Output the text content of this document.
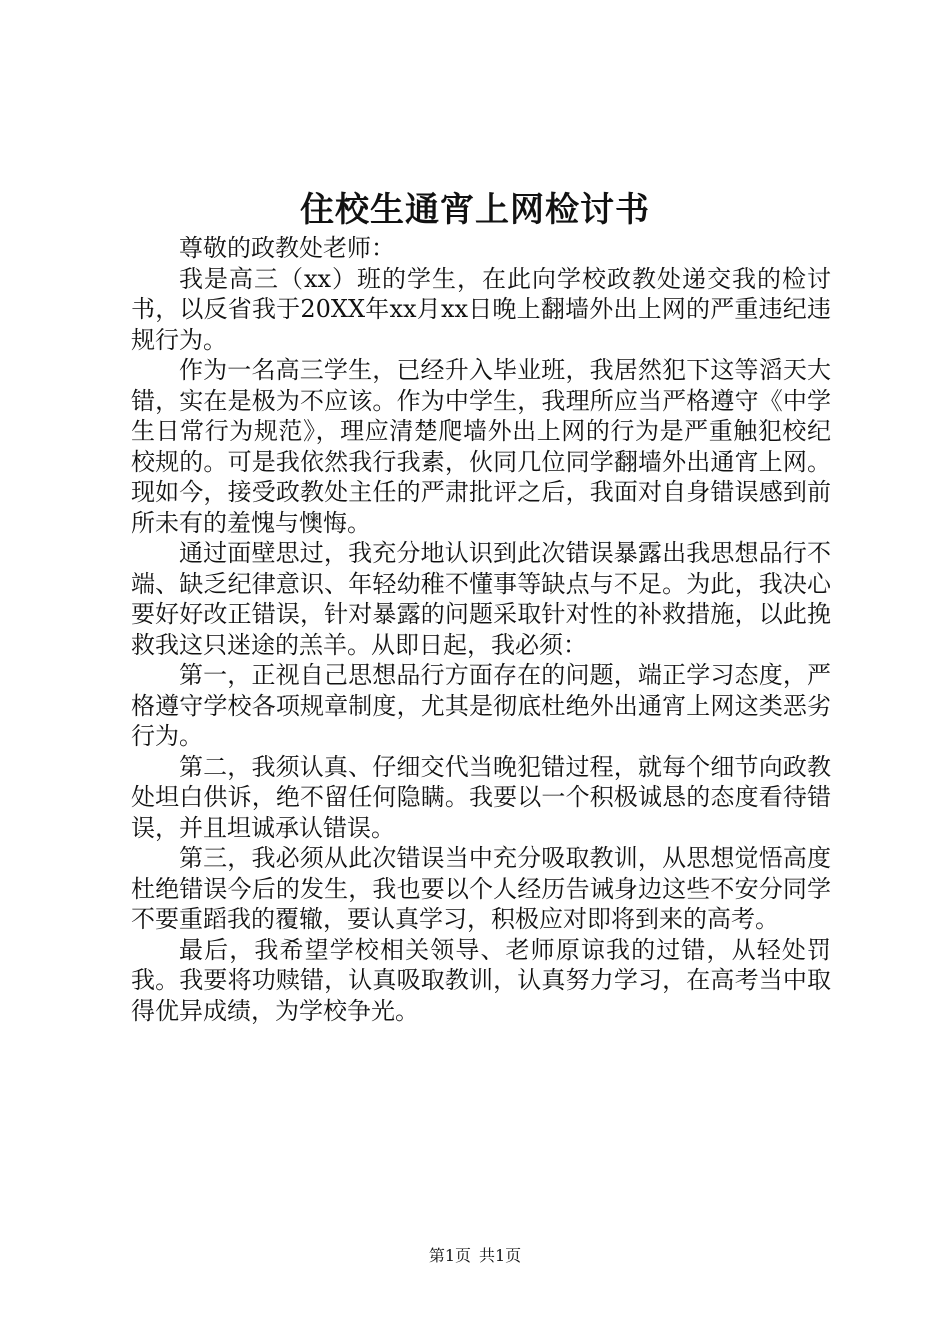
住校生通宵上网检讨书

尊敬的政教处老师：

我是高三（xx）班的学生，在此向学校政教处递交我的检讨书，以反省我于20XX年xx月xx日晚上翻墙外出上网的严重违纪违规行为。

作为一名高三学生，已经升入毕业班，我居然犯下这等滔天大错，实在是极为不应该。作为中学生，我理所应当严格遵守《中学生日常行为规范》，理应清楚爬墙外出上网的行为是严重触犯校纪校规的。可是我依然我行我素，伙同几位同学翻墙外出通宵上网。现如今，接受政教处主任的严肃批评之后，我面对自身错误感到前所未有的羞愧与懊悔。

通过面壁思过，我充分地认识到此次错误暴露出我思想品行不端、缺乏纪律意识、年轻幼稚不懂事等缺点与不足。为此，我决心要好好改正错误，针对暴露的问题采取针对性的补救措施，以此挽救我这只迷途的羔羊。从即日起，我必须：

第一，正视自己思想品行方面存在的问题，端正学习态度，严格遵守学校各项规章制度，尤其是彻底杜绝外出通宵上网这类恶劣行为。

第二，我须认真、仔细交代当晚犯错过程，就每个细节向政教处坦白供诉，绝不留任何隐瞒。我要以一个积极诚恳的态度看待错误，并且坦诚承认错误。

第三，我必须从此次错误当中充分吸取教训，从思想觉悟高度杜绝错误今后的发生，我也要以个人经历告诫身边这些不安分同学不要重蹈我的覆辙，要认真学习，积极应对即将到来的高考。

最后，我希望学校相关领导、老师原谅我的过错，从轻处罚我。我要将功赎错，认真吸取教训，认真努力学习，在高考当中取得优异成绩，为学校争光。

第1页 共1页
